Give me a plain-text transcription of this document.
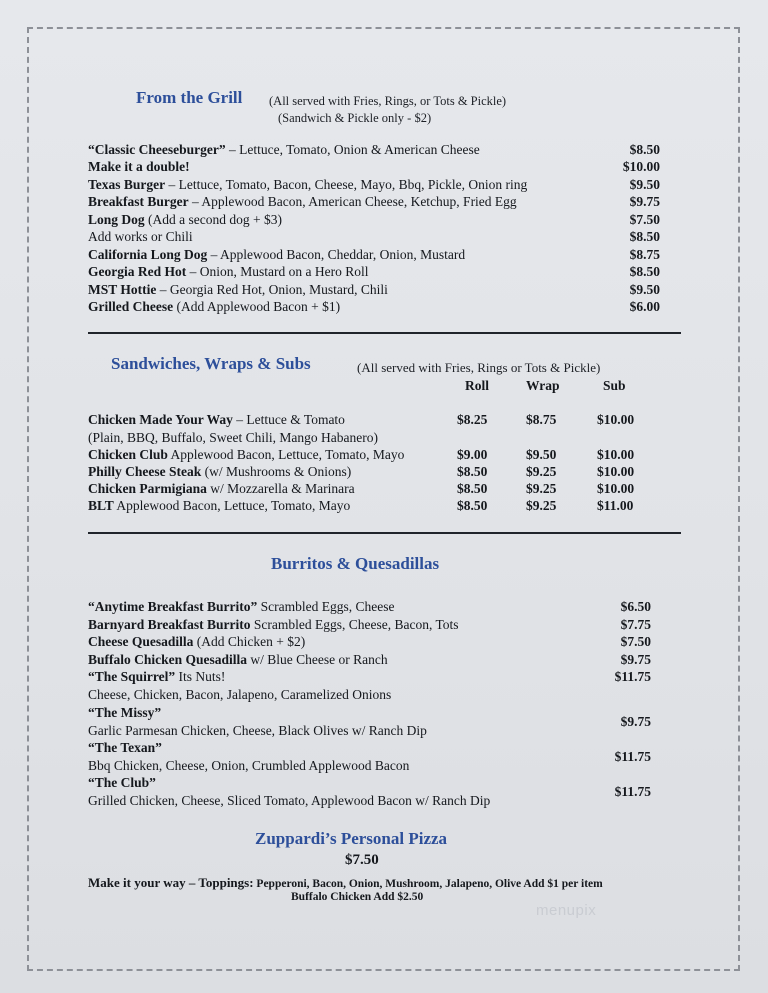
From the Grill (All served with Fries, Rings, or Tots & Pickle)
(Sandwich & Pickle only - $2)
“Classic Cheeseburger” – Lettuce, Tomato, Onion & American Cheese	$8.50
Make it a double!	$10.00
Texas Burger – Lettuce, Tomato, Bacon, Cheese, Mayo, Bbq, Pickle, Onion ring	$9.50
Breakfast Burger – Applewood Bacon, American Cheese, Ketchup, Fried Egg	$9.75
Long Dog (Add a second dog + $3)	$7.50
Add works or Chili	$8.50
California Long Dog – Applewood Bacon, Cheddar, Onion, Mustard	$8.75
Georgia Red Hot – Onion, Mustard on a Hero Roll	$8.50
MST Hottie – Georgia Red Hot, Onion, Mustard, Chili	$9.50
Grilled Cheese (Add Applewood Bacon + $1)	$6.00
Sandwiches, Wraps & Subs	(All served with Fries, Rings or Tots & Pickle)
Roll	Wrap	Sub
Chicken Made Your Way – Lettuce & Tomato	$8.25	$8.75	$10.00
(Plain, BBQ, Buffalo, Sweet Chili, Mango Habanero)
Chicken Club Applewood Bacon, Lettuce, Tomato, Mayo	$9.00	$9.50	$10.00
Philly Cheese Steak (w/ Mushrooms & Onions)	$8.50	$9.25	$10.00
Chicken Parmigiana w/ Mozzarella & Marinara	$8.50	$9.25	$10.00
BLT Applewood Bacon, Lettuce, Tomato, Mayo	$8.50	$9.25	$11.00
Burritos & Quesadillas
“Anytime Breakfast Burrito” Scrambled Eggs, Cheese	$6.50
Barnyard Breakfast Burrito Scrambled Eggs, Cheese, Bacon, Tots	$7.75
Cheese Quesadilla (Add Chicken + $2)	$7.50
Buffalo Chicken Quesadilla w/ Blue Cheese or Ranch	$9.75
“The Squirrel” Its Nuts!
Cheese, Chicken, Bacon, Jalapeno, Caramelized Onions
$11.75
“The Missy”
Garlic Parmesan Chicken, Cheese, Black Olives w/ Ranch Dip
$9.75
“The Texan”
Bbq Chicken, Cheese, Onion, Crumbled Applewood Bacon
$11.75
“The Club”
Grilled Chicken, Cheese, Sliced Tomato, Applewood Bacon w/ Ranch Dip
$11.75
Zuppardi’s Personal Pizza
$7.50
Make it your way – Toppings: Pepperoni, Bacon, Onion, Mushroom, Jalapeno, Olive Add $1 per item
Buffalo Chicken Add $2.50
menupix
